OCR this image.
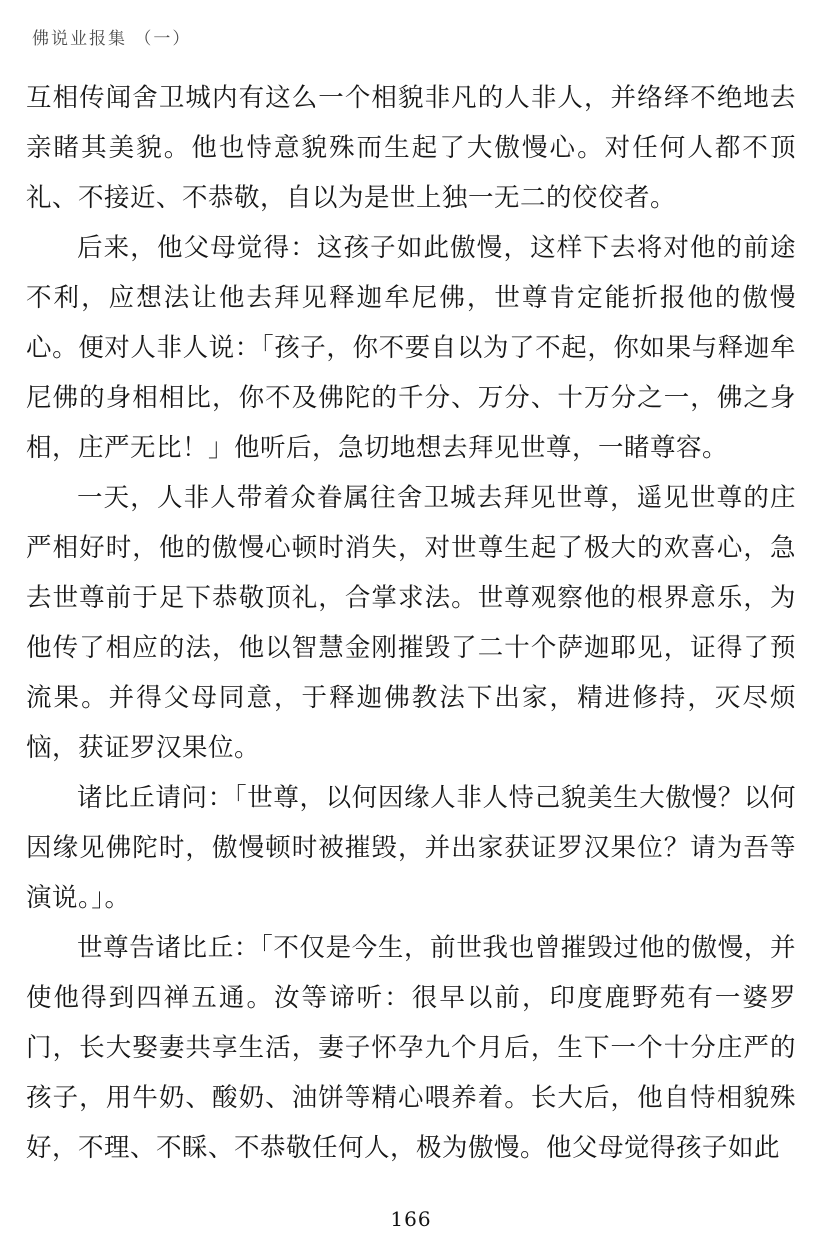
佛说业报集 （一）

互相传闻舍卫城内有这么一个相貌非凡的人非人，并络绎不绝地去亲睹其美貌。他也恃意貌殊而生起了大傲慢心。对任何人都不顶礼、不接近、不恭敬，自以为是世上独一无二的佼佼者。

后来，他父母觉得：这孩子如此傲慢，这样下去将对他的前途不利，应想法让他去拜见释迦牟尼佛，世尊肯定能折报他的傲慢心。便对人非人说：「孩子，你不要自以为了不起，你如果与释迦牟尼佛的身相相比，你不及佛陀的千分、万分、十万分之一，佛之身相，庄严无比！」他听后，急切地想去拜见世尊，一睹尊容。

一天，人非人带着众眷属往舍卫城去拜见世尊，遥见世尊的庄严相好时，他的傲慢心顿时消失，对世尊生起了极大的欢喜心，急去世尊前于足下恭敬顶礼，合掌求法。世尊观察他的根界意乐，为他传了相应的法，他以智慧金刚摧毁了二十个萨迦耶见，证得了预流果。并得父母同意，于释迦佛教法下出家，精进修持，灭尽烦恼，获证罗汉果位。

诸比丘请问：「世尊，以何因缘人非人恃己貌美生大傲慢？以何因缘见佛陀时，傲慢顿时被摧毁，并出家获证罗汉果位？请为吾等演说。」。

世尊告诸比丘：「不仅是今生，前世我也曾摧毁过他的傲慢，并使他得到四禅五通。汝等谛听：很早以前，印度鹿野苑有一婆罗门，长大娶妻共享生活，妻子怀孕九个月后，生下一个十分庄严的孩子，用牛奶、酸奶、油饼等精心喂养着。长大后，他自恃相貌殊好，不理、不睬、不恭敬任何人，极为傲慢。他父母觉得孩子如此

166
